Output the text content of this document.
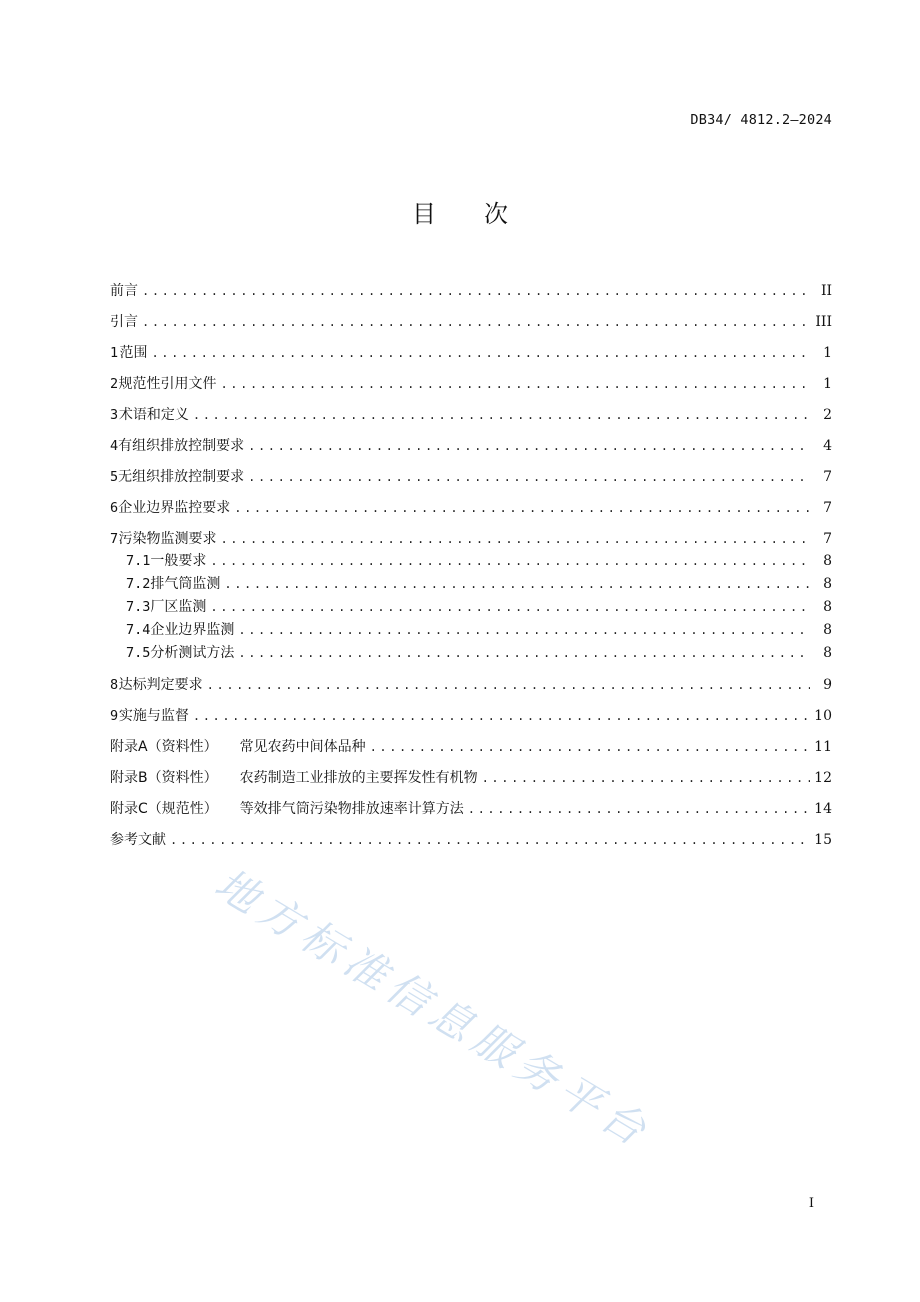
DB34/ 4812.2—2024
目次
前言 .....	II
引言 .....	III
1 范围 .....	1
2 规范性引用文件 .....	1
3 术语和定义 .....	2
4 有组织排放控制要求 .....	4
5 无组织排放控制要求 .....	7
6 企业边界监控要求 .....	7
7 污染物监测要求 .....	7
7.1 一般要求 .....	8
7.2 排气筒监测 .....	8
7.3 厂区监测 .....	8
7.4 企业边界监测 .....	8
7.5 分析测试方法 .....	8
8 达标判定要求 .....	9
9 实施与监督 .....	10
附录A（资料性） 常见农药中间体品种 .....	11
附录B（资料性） 农药制造工业排放的主要挥发性有机物 .....	12
附录C（规范性） 等效排气筒污染物排放速率计算方法 .....	14
参考文献 .....	15
地方标准信息服务平台
I
